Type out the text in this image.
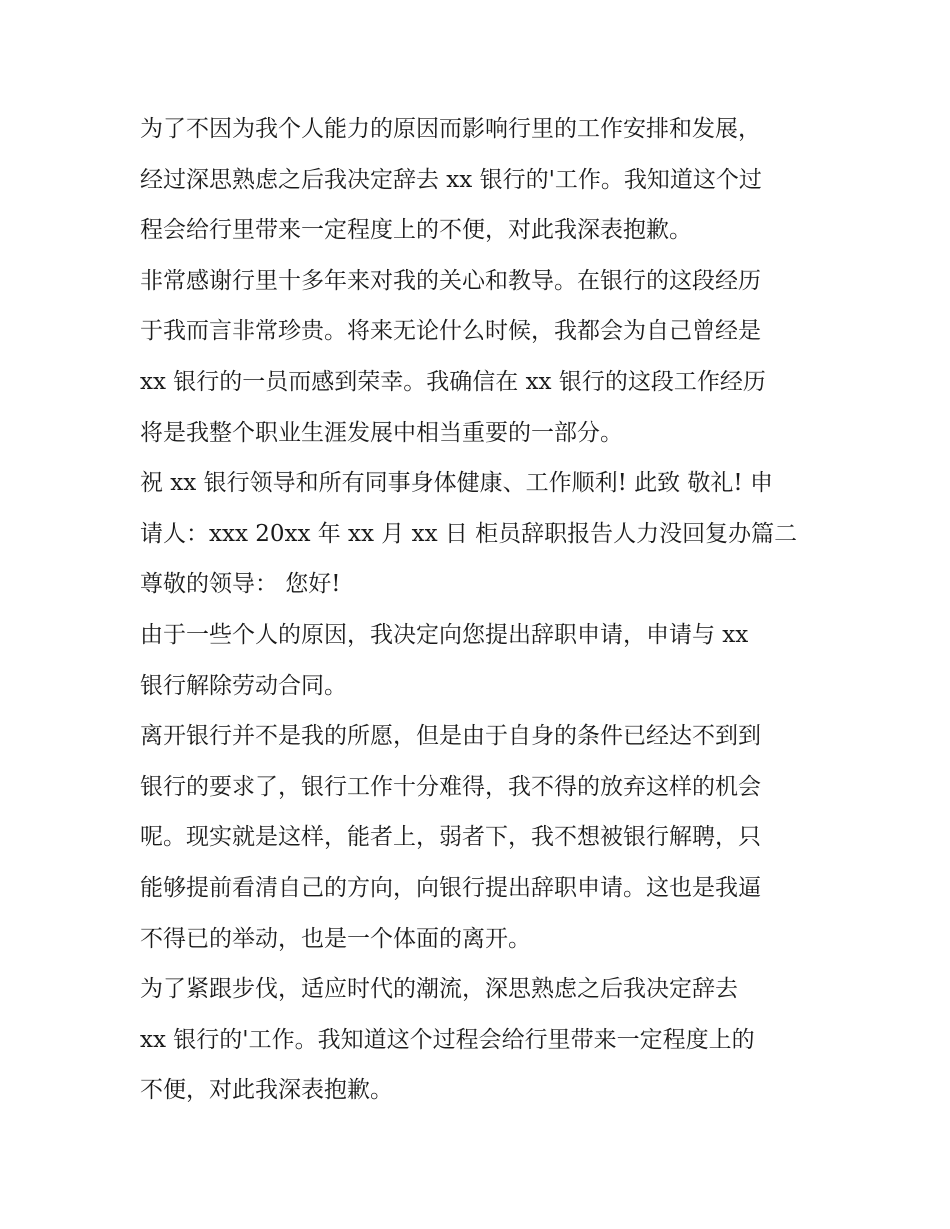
为了不因为我个人能力的原因而影响行里的工作安排和发展，
经过深思熟虑之后我决定辞去 xx 银行的'工作。我知道这个过
程会给行里带来一定程度上的不便，对此我深表抱歉。
非常感谢行里十多年来对我的关心和教导。在银行的这段经历
于我而言非常珍贵。将来无论什么时候，我都会为自己曾经是
xx 银行的一员而感到荣幸。我确信在 xx 银行的这段工作经历
将是我整个职业生涯发展中相当重要的一部分。
祝 xx 银行领导和所有同事身体健康、工作顺利! 此致 敬礼! 申
请人：xxx 20xx 年 xx 月 xx 日 柜员辞职报告人力没回复办篇二
尊敬的领导： 您好!
由于一些个人的原因，我决定向您提出辞职申请，申请与 xx
银行解除劳动合同。
离开银行并不是我的所愿，但是由于自身的条件已经达不到到
银行的要求了，银行工作十分难得，我不得的放弃这样的机会
呢。现实就是这样，能者上，弱者下，我不想被银行解聘，只
能够提前看清自己的方向，向银行提出辞职申请。这也是我逼
不得已的举动，也是一个体面的离开。
为了紧跟步伐，适应时代的潮流，深思熟虑之后我决定辞去
xx 银行的'工作。我知道这个过程会给行里带来一定程度上的
不便，对此我深表抱歉。
